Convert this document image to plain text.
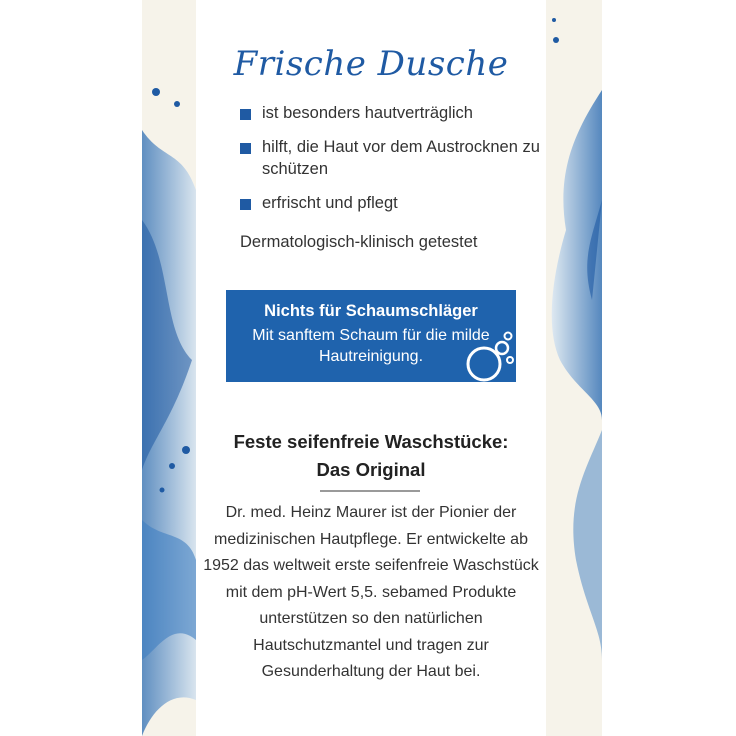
Frische Dusche
ist besonders hautverträglich
hilft, die Haut vor dem Austrocknen zu schützen
erfrischt und pflegt
Dermatologisch-klinisch getestet
Nichts für Schaumschläger
Mit sanftem Schaum für die milde Hautreinigung.
Feste seifenfreie Waschstücke:
Das Original
Dr. med. Heinz Maurer ist der Pionier der medizinischen Hautpflege. Er entwickelte ab 1952 das weltweit erste seifenfreie Waschstück mit dem pH-Wert 5,5. sebamed Produkte unterstützen so den natürlichen Hautschutzmantel und tragen zur Gesunderhaltung der Haut bei.
